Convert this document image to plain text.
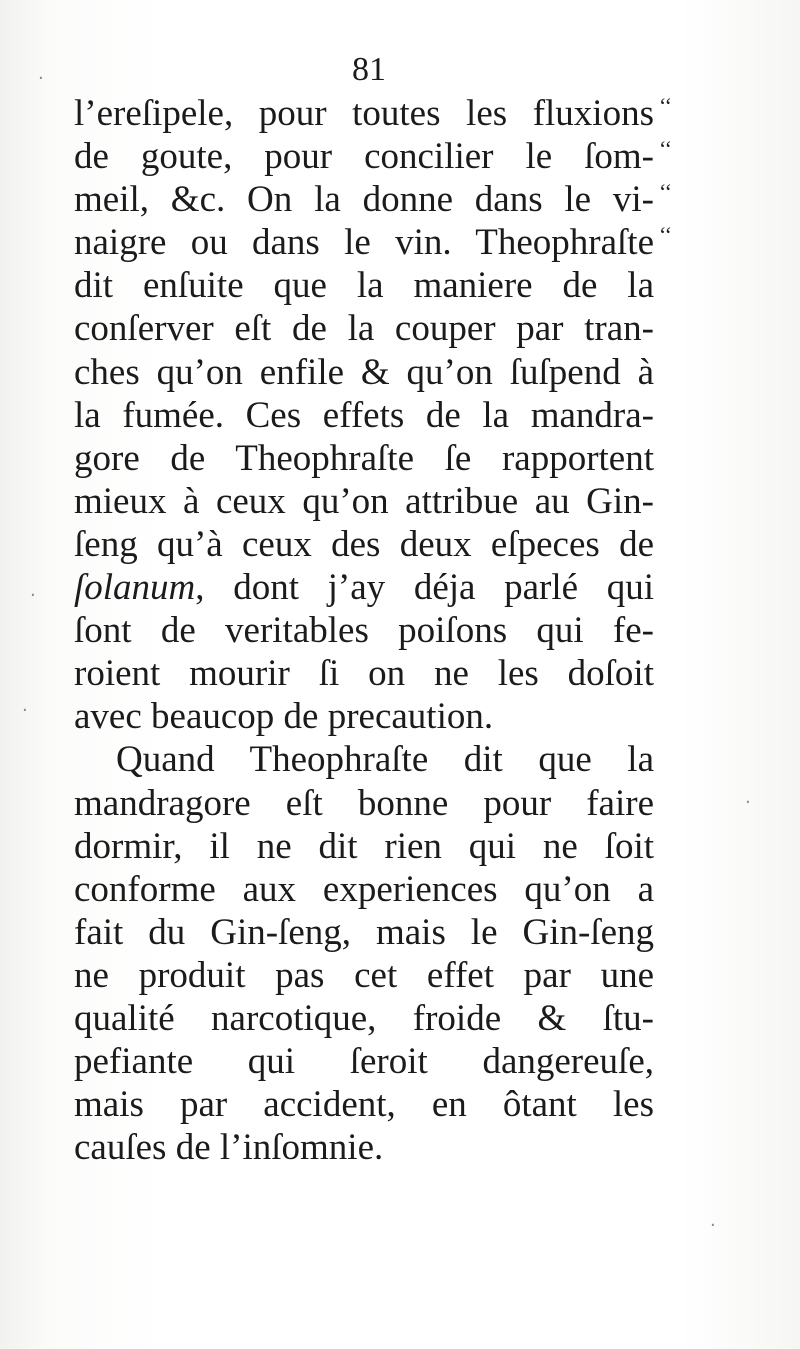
81
l’ereſipele, pour toutes les fluxions ‘‘
de goute, pour concilier le ſom- ‘‘
meil, &c. On la donne dans le vi- ‘‘
naigre ou dans le vin. Theophraſte ‘‘
dit enſuite que la maniere de la
conſerver eſt de la couper par tran-
ches qu’on enfile & qu’on ſuſpend à
la fumée. Ces effets de la mandra-
gore de Theophraſte ſe rapportent
mieux à ceux qu’on attribue au Gin-
ſeng qu’à ceux des deux eſpeces de
ſolanum, dont j’ay déja parlé qui
ſont de veritables poiſons qui fe-
roient mourir ſi on ne les doſoit
avec beaucop de precaution.
Quand Theophraſte dit que la
mandragore eſt bonne pour faire
dormir, il ne dit rien qui ne ſoit
conforme aux experiences qu’on a
fait du Gin-ſeng, mais le Gin-ſeng
ne produit pas cet effet par une
qualité narcotique, froide & ſtu-
pefiante qui ſeroit dangereuſe,
mais par accident, en ôtant les
cauſes de l’inſomnie.
·
·
·
·
·
